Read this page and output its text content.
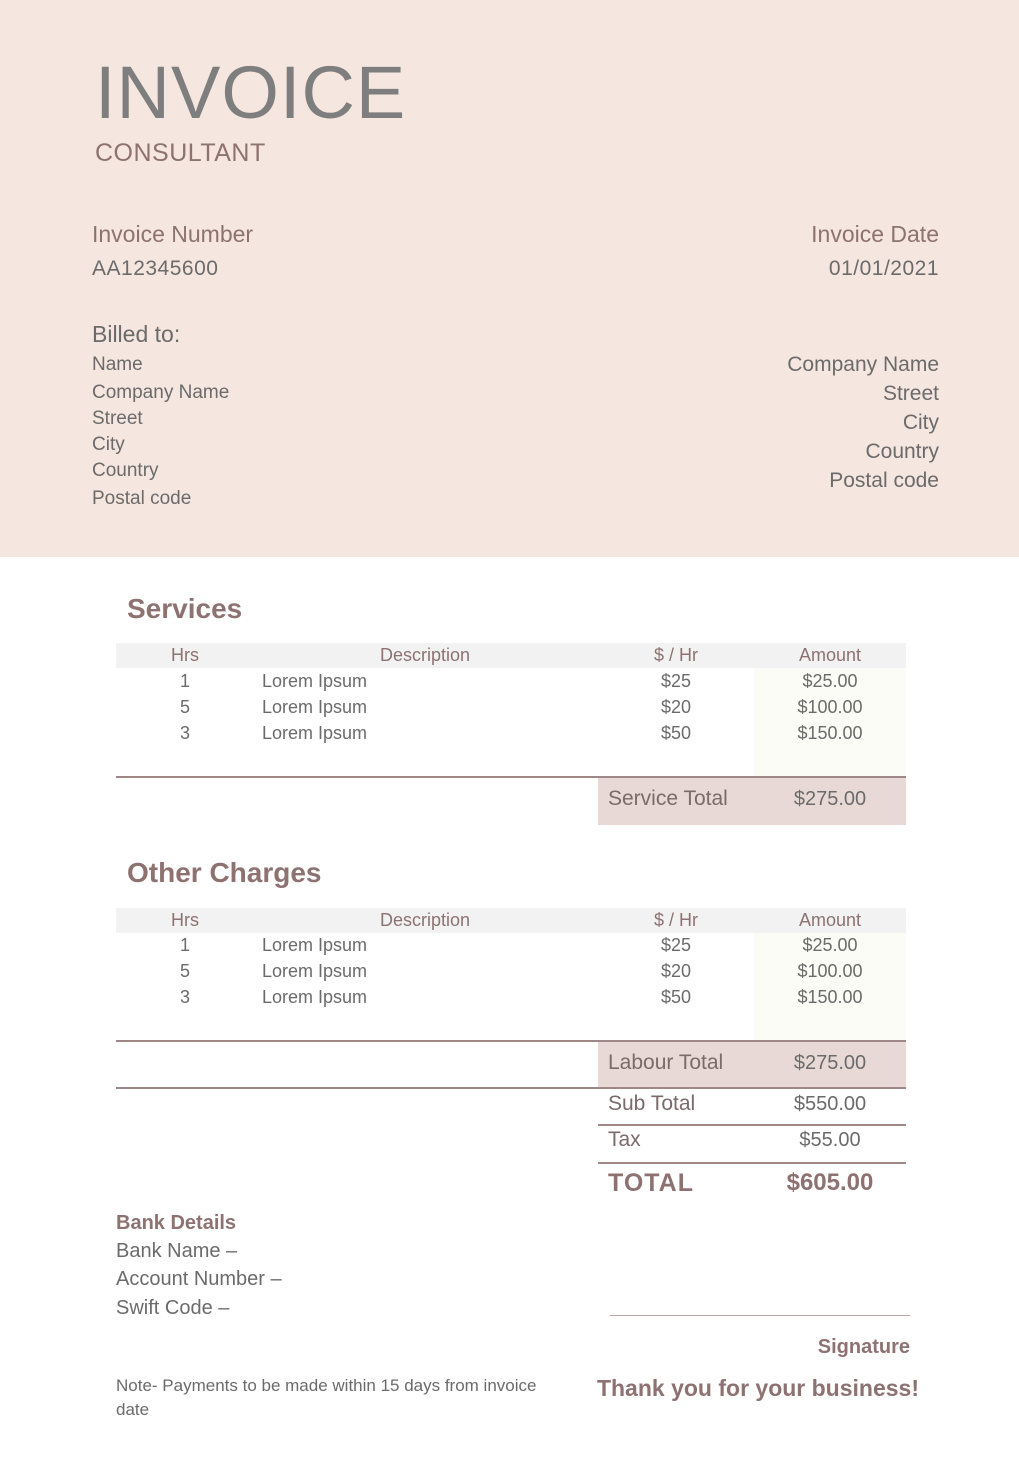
INVOICE
CONSULTANT
Invoice Number
AA12345600
Invoice Date
01/01/2021
Billed to:
Name
Company Name
Street
City
Country
Postal code
Company Name
Street
City
Country
Postal code
Services
Hrs	Description	$ / Hr	Amount
1	Lorem Ipsum	$25	$25.00
5	Lorem Ipsum	$20	$100.00
3	Lorem Ipsum	$50	$150.00
Service Total	$275.00
Other Charges
Hrs	Description	$ / Hr	Amount
1	Lorem Ipsum	$25	$25.00
5	Lorem Ipsum	$20	$100.00
3	Lorem Ipsum	$50	$150.00
Labour Total	$275.00
Sub Total	$550.00
Tax	$55.00
TOTAL	$605.00
Bank Details
Bank Name –
Account Number –
Swift Code –
Signature
Note- Payments to be made within 15 days from invoice date
Thank you for your business!
